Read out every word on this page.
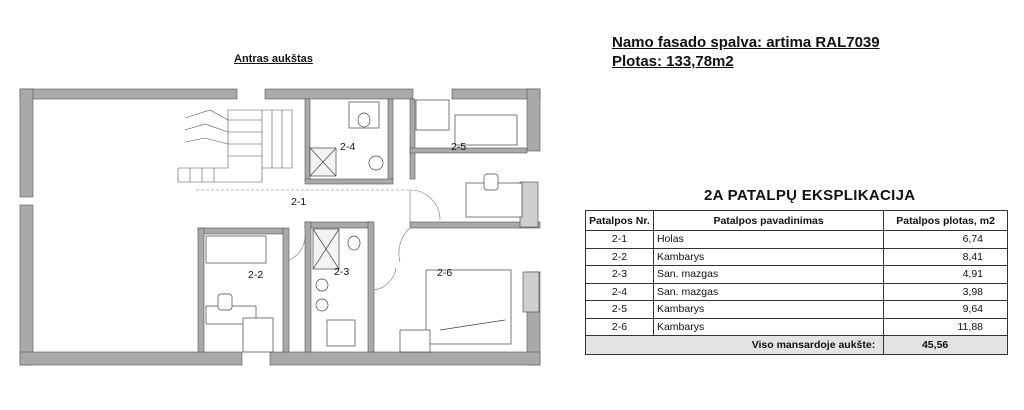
2-1
2-2	2-3
2-4	2-5
2-6
Antras aukštas
Namo fasado spalva: artima RAL7039
Plotas: 133,78m2
2A PATALPŲ EKSPLIKACIJA
Patalpos Nr.	Patalpos pavadinimas	Patalpos plotas, m2
2-1	Holas	6,74
2-2	Kambarys	8,41
2-3	San. mazgas	4,91
2-4	San. mazgas	3,98
2-5	Kambarys	9,64
2-6	Kambarys	11,88
Viso mansardoje aukšte:		45,56
